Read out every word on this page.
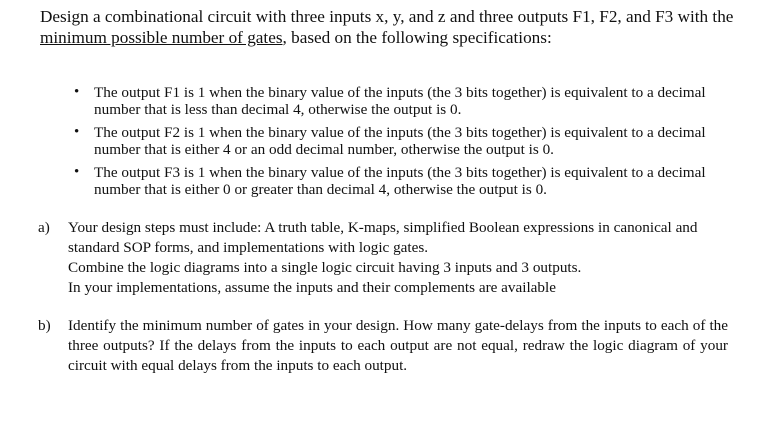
Design a combinational circuit with three inputs x, y, and z and three outputs F1, F2, and F3 with the minimum possible number of gates, based on the following specifications:

• The output F1 is 1 when the binary value of the inputs (the 3 bits together) is equivalent to a decimal number that is less than decimal 4, otherwise the output is 0.
• The output F2 is 1 when the binary value of the inputs (the 3 bits together) is equivalent to a decimal number that is either 4 or an odd decimal number, otherwise the output is 0.
• The output F3 is 1 when the binary value of the inputs (the 3 bits together) is equivalent to a decimal number that is either 0 or greater than decimal 4, otherwise the output is 0.
a) Your design steps must include: A truth table, K-maps, simplified Boolean expressions in canonical and standard SOP forms, and implementations with logic gates.
Combine the logic diagrams into a single logic circuit having 3 inputs and 3 outputs.
In your implementations, assume the inputs and their complements are available
b) Identify the minimum number of gates in your design. How many gate-delays from the inputs to each of the three outputs? If the delays from the inputs to each output are not equal, redraw the logic diagram of your circuit with equal delays from the inputs to each output.
